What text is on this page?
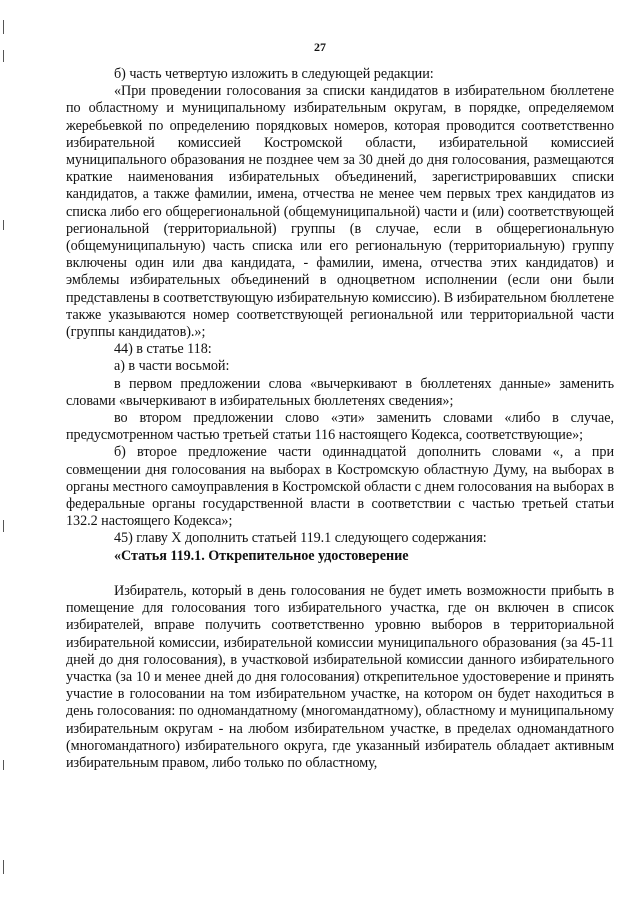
27

б) часть четвертую изложить в следующей редакции:

«При проведении голосования за списки кандидатов в избирательном бюллетене по областному и муниципальному избирательным округам, в порядке, определяемом жеребьевкой по определению порядковых номеров, которая проводится соответственно избирательной комиссией Костромской области, избирательной комиссией муниципального образования не позднее чем за 30 дней до дня голосования, размещаются краткие наименования избирательных объединений, зарегистрировавших списки кандидатов, а также фамилии, имена, отчества не менее чем первых трех кандидатов из списка либо его общерегиональной (общемуниципальной) части и (или) соответствующей региональной (территориальной) группы (в случае, если в общерегиональную (общемуниципальную) часть списка или его региональную (территориальную) группу включены один или два кандидата, - фамилии, имена, отчества этих кандидатов) и эмблемы избирательных объединений в одноцветном исполнении (если они были представлены в соответствующую избирательную комиссию). В избирательном бюллетене также указываются номер соответствующей региональной или территориальной части (группы кандидатов).»;

44) в статье 118:

а) в части восьмой:

в первом предложении слова «вычеркивают в бюллетенях данные» заменить словами «вычеркивают в избирательных бюллетенях сведения»;

во втором предложении слово «эти» заменить словами «либо в случае, предусмотренном частью третьей статьи 116 настоящего Кодекса, соответствующие»;

б) второе предложение части одиннадцатой дополнить словами «, а при совмещении дня голосования на выборах в Костромскую областную Думу, на выборах в органы местного самоуправления в Костромской области с днем голосования на выборах в федеральные органы государственной власти в соответствии с частью третьей статьи 132.2 настоящего Кодекса»;

45) главу X дополнить статьей 119.1 следующего содержания:

«Статья 119.1. Открепительное удостоверение

Избиратель, который в день голосования не будет иметь возможности прибыть в помещение для голосования того избирательного участка, где он включен в список избирателей, вправе получить соответственно уровню выборов в территориальной избирательной комиссии, избирательной комиссии муниципального образования (за 45-11 дней до дня голосования), в участковой избирательной комиссии данного избирательного участка (за 10 и менее дней до дня голосования) открепительное удостоверение и принять участие в голосовании на том избирательном участке, на котором он будет находиться в день голосования: по одномандатному (многомандатному), областному и муниципальному избирательным округам - на любом избирательном участке, в пределах одномандатного (многомандатного) избирательного округа, где указанный избиратель обладает активным избирательным правом, либо только по областному,
